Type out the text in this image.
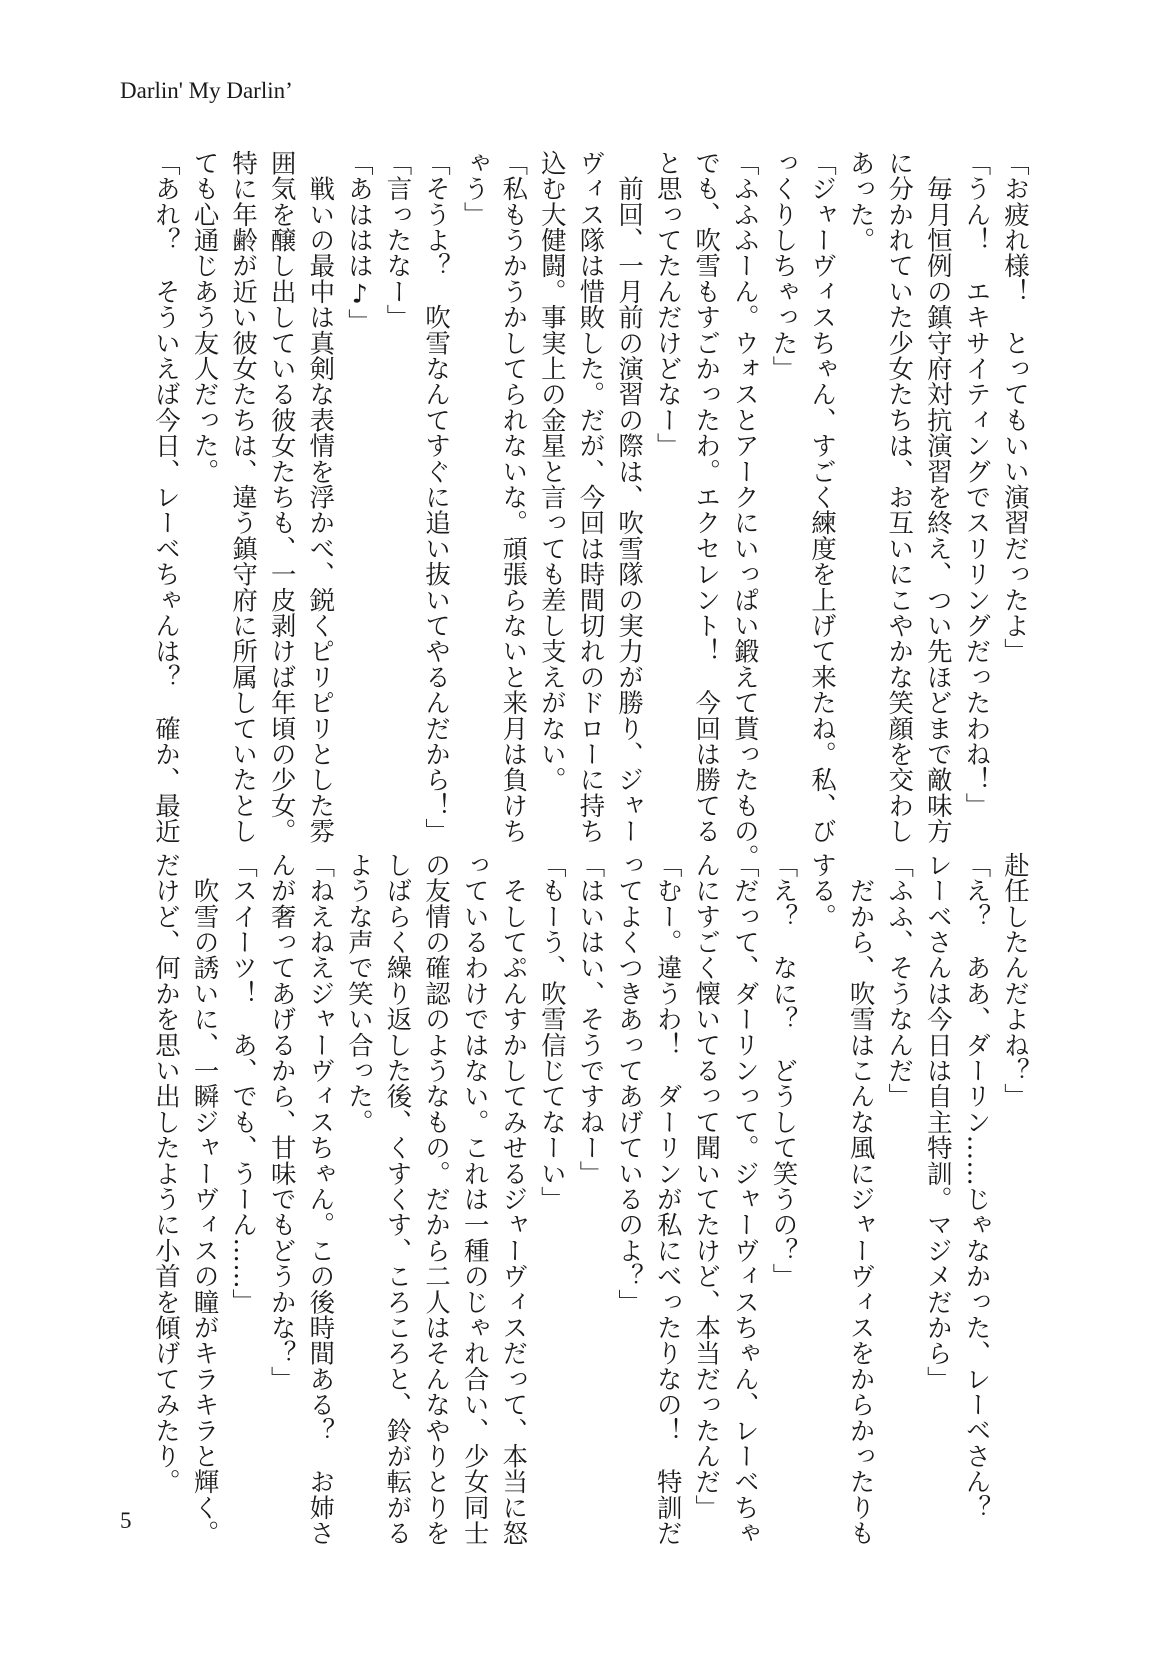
Darlin' My Darlin’
「お疲れ様！　とってもいい演習だったよ」
「うん！　エキサイティングでスリリングだったわね！」
　毎月恒例の鎮守府対抗演習を終え、つい先ほどまで敵味方
に分かれていた少女たちは、お互いにこやかな笑顔を交わし
あった。
「ジャーヴィスちゃん、すごく練度を上げて来たね。私、び
っくりしちゃった」
「ふふふーん。ウォスとアークにいっぱい鍛えて貰ったもの。
でも、吹雪もすごかったわ。エクセレント！　今回は勝てる
と思ってたんだけどなー」
　前回、一月前の演習の際は、吹雪隊の実力が勝り、ジャー
ヴィス隊は惜敗した。だが、今回は時間切れのドローに持ち
込む大健闘。事実上の金星と言っても差し支えがない。
「私もうかうかしてられないな。頑張らないと来月は負けち
ゃう」
「そうよ？　吹雪なんてすぐに追い抜いてやるんだから！」
「言ったなー」
「あははは♪」
　戦いの最中は真剣な表情を浮かべ、鋭くピリピリとした雰
囲気を醸し出している彼女たちも、一皮剥けば年頃の少女。
特に年齢が近い彼女たちは、違う鎮守府に所属していたとし
ても心通じあう友人だった。
「あれ？　そういえば今日、レーベちゃんは？　確か、最近
赴任したんだよね？」
「え？　ああ、ダーリン……じゃなかった、レーベさん？
レーベさんは今日は自主特訓。マジメだから」
「ふふ、そうなんだ」
　だから、吹雪はこんな風にジャーヴィスをからかったりも
する。
「え？　なに？　どうして笑うの？」
「だって、ダーリンって。ジャーヴィスちゃん、レーベちゃ
んにすごく懐いてるって聞いてたけど、本当だったんだ」
「むー。違うわ！　ダーリンが私にべったりなの！　特訓だ
ってよくつきあってあげているのよ？」
「はいはい、そうですねー」
「もーう、吹雪信じてなーい」
　そしてぷんすかしてみせるジャーヴィスだって、本当に怒
っているわけではない。これは一種のじゃれ合い、少女同士
の友情の確認のようなもの。だから二人はそんなやりとりを
しばらく繰り返した後、くすくす、ころころと、鈴が転がる
ような声で笑い合った。
「ねえねえジャーヴィスちゃん。この後時間ある？　お姉さ
んが奢ってあげるから、甘味でもどうかな？」
「スイーツ！　あ、でも、うーん……」
　吹雪の誘いに、一瞬ジャーヴィスの瞳がキラキラと輝く。
だけど、何かを思い出したように小首を傾げてみたり。
5
